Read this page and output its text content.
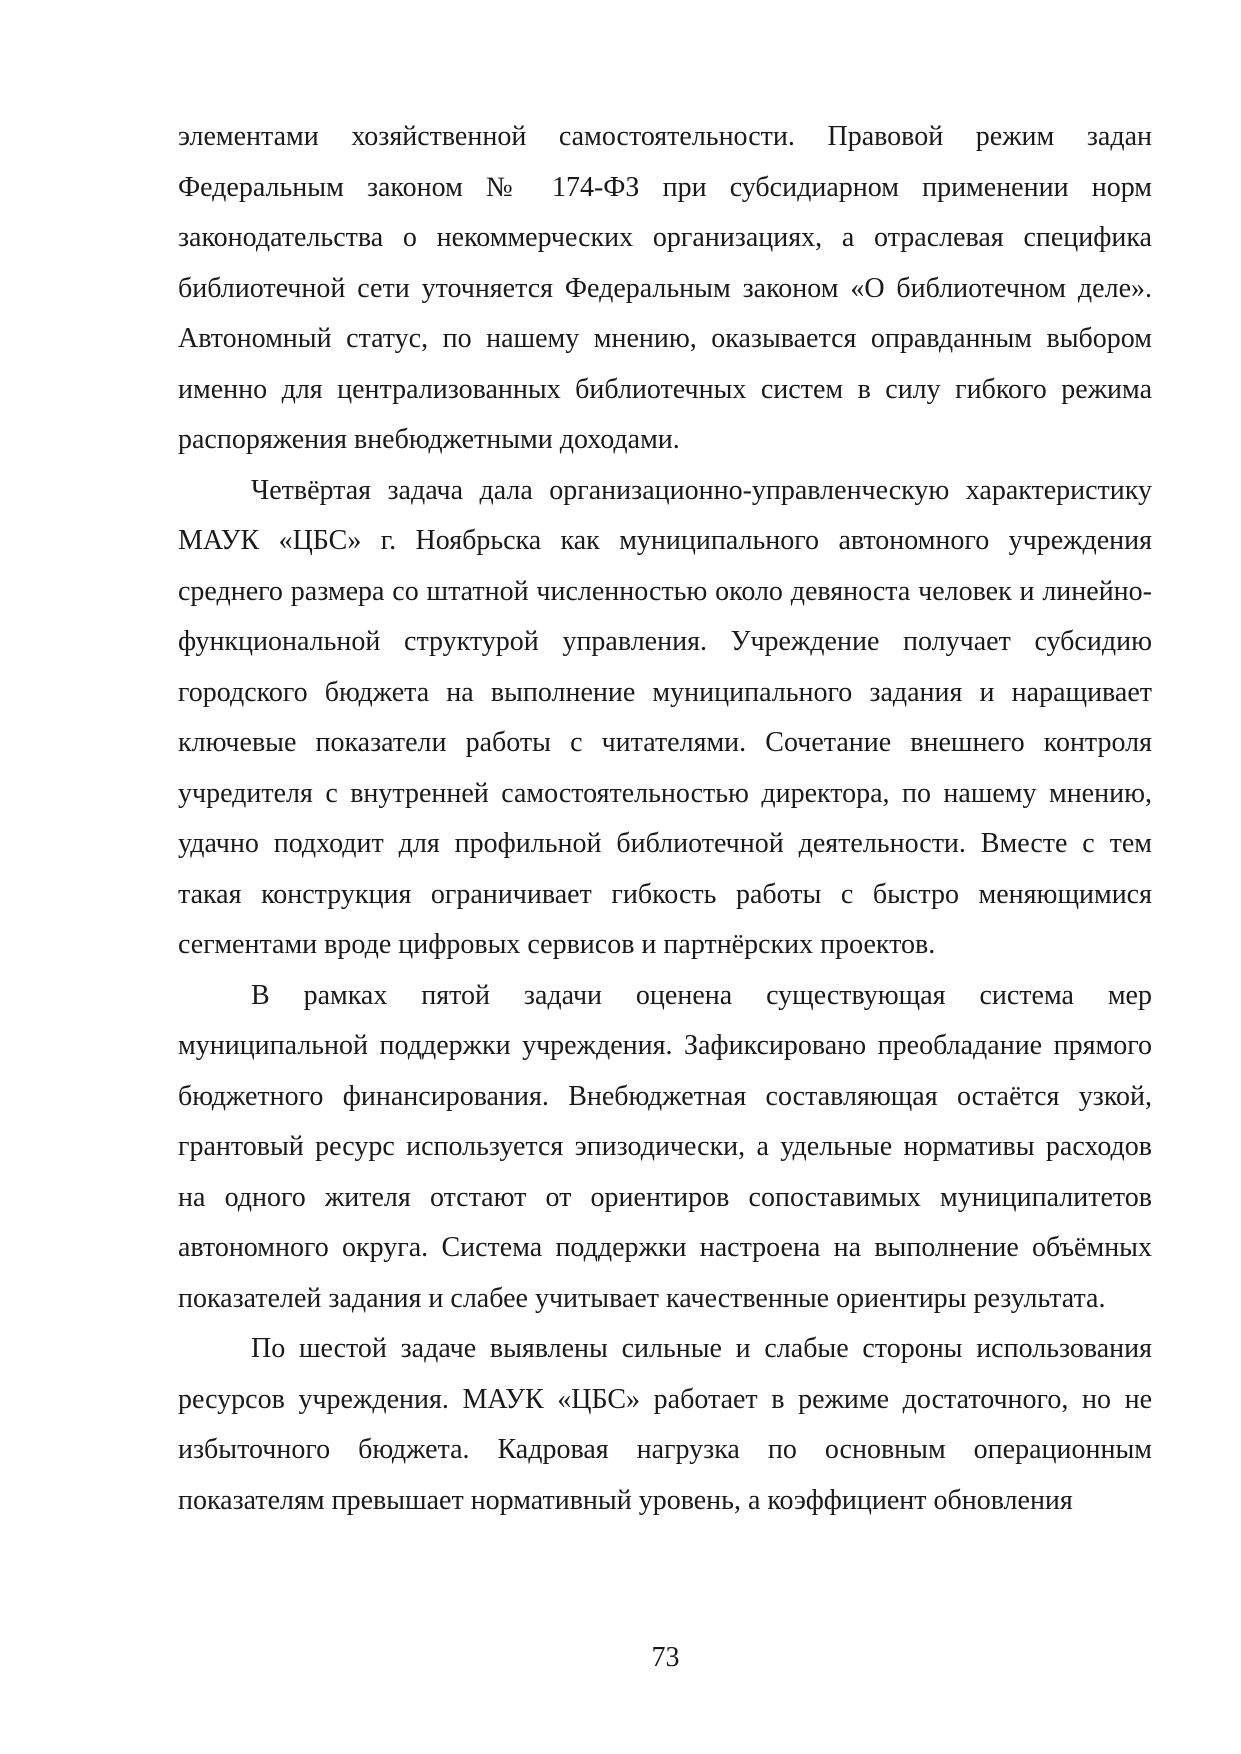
элементами хозяйственной самостоятельности. Правовой режим задан Федеральным законом № 174-ФЗ при субсидиарном применении норм законодательства о некоммерческих организациях, а отраслевая специфика библиотечной сети уточняется Федеральным законом «О библиотечном деле». Автономный статус, по нашему мнению, оказывается оправданным выбором именно для централизованных библиотечных систем в силу гибкого режима распоряжения внебюджетными доходами.

Четвёртая задача дала организационно-управленческую характеристику МАУК «ЦБС» г. Ноябрьска как муниципального автономного учреждения среднего размера со штатной численностью около девяноста человек и линейно-функциональной структурой управления. Учреждение получает субсидию городского бюджета на выполнение муниципального задания и наращивает ключевые показатели работы с читателями. Сочетание внешнего контроля учредителя с внутренней самостоятельностью директора, по нашему мнению, удачно подходит для профильной библиотечной деятельности. Вместе с тем такая конструкция ограничивает гибкость работы с быстро меняющимися сегментами вроде цифровых сервисов и партнёрских проектов.

В рамках пятой задачи оценена существующая система мер муниципальной поддержки учреждения. Зафиксировано преобладание прямого бюджетного финансирования. Внебюджетная составляющая остаётся узкой, грантовый ресурс используется эпизодически, а удельные нормативы расходов на одного жителя отстают от ориентиров сопоставимых муниципалитетов автономного округа. Система поддержки настроена на выполнение объёмных показателей задания и слабее учитывает качественные ориентиры результата.

По шестой задаче выявлены сильные и слабые стороны использования ресурсов учреждения. МАУК «ЦБС» работает в режиме достаточного, но не избыточного бюджета. Кадровая нагрузка по основным операционным показателям превышает нормативный уровень, а коэффициент обновления

73
